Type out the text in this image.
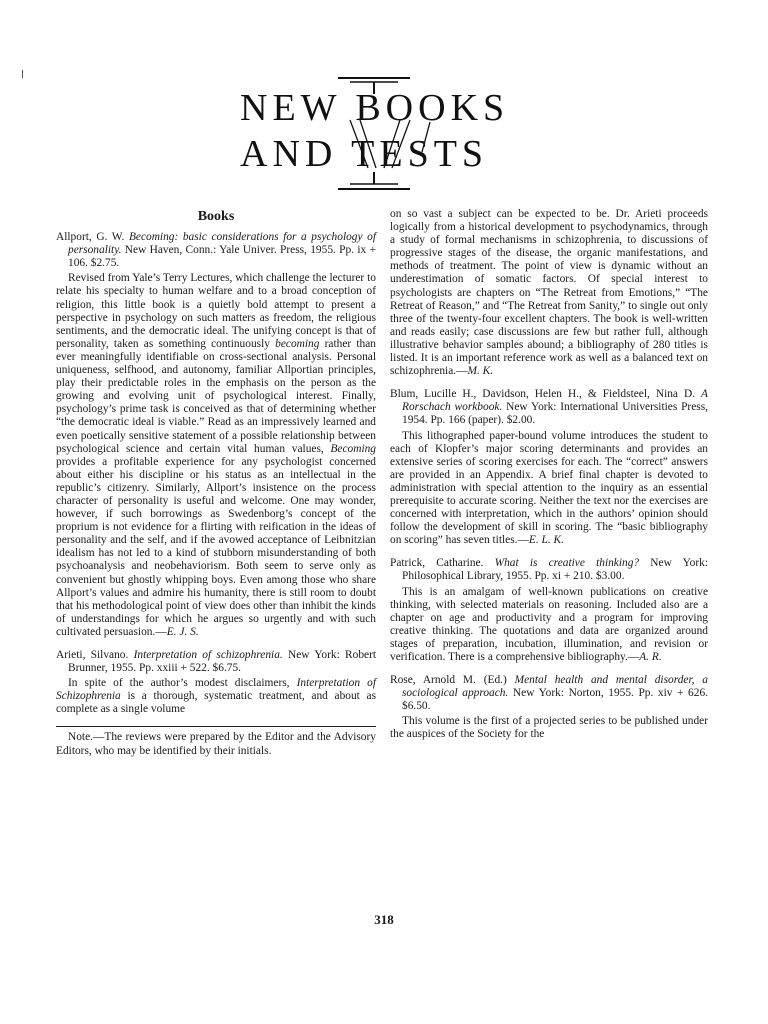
NEW BOOKS
AND TESTS
Books

Allport, G. W. Becoming: basic considerations for a psychology of personality. New Haven, Conn.: Yale Univer. Press, 1955. Pp. ix + 106. $2.75.

Revised from Yale’s Terry Lectures, which challenge the lecturer to relate his specialty to human welfare and to a broad conception of religion, this little book is a quietly bold attempt to present a perspective in psychology on such matters as freedom, the religious sentiments, and the democratic ideal. The unifying concept is that of personality, taken as something continuously becoming rather than ever meaningfully identifiable on cross-sectional analysis. Personal uniqueness, selfhood, and autonomy, familiar Allportian principles, play their predictable roles in the emphasis on the person as the growing and evolving unit of psychological interest. Finally, psychology’s prime task is conceived as that of determining whether “the democratic ideal is viable.” Read as an impressively learned and even poetically sensitive statement of a possible relationship between psychological science and certain vital human values, Becoming provides a profitable experience for any psychologist concerned about either his discipline or his status as an intellectual in the republic’s citizenry. Similarly, Allport’s insistence on the process character of personality is useful and welcome. One may wonder, however, if such borrowings as Swedenborg’s concept of the proprium is not evidence for a flirting with reification in the ideas of personality and the self, and if the avowed acceptance of Leibnitzian idealism has not led to a kind of stubborn misunderstanding of both psychoanalysis and neobehaviorism. Both seem to serve only as convenient but ghostly whipping boys. Even among those who share Allport’s values and admire his humanity, there is still room to doubt that his methodological point of view does other than inhibit the kinds of understandings for which he argues so urgently and with such cultivated persuasion.—E. J. S.

Arieti, Silvano. Interpretation of schizophrenia. New York: Robert Brunner, 1955. Pp. xxiii + 522. $6.75.

In spite of the author’s modest disclaimers, Interpretation of Schizophrenia is a thorough, systematic treatment, and about as complete as a single volume

Note.—The reviews were prepared by the Editor and the Advisory Editors, who may be identified by their initials.

on so vast a subject can be expected to be. Dr. Arieti proceeds logically from a historical development to psychodynamics, through a study of formal mechanisms in schizophrenia, to discussions of progressive stages of the disease, the organic manifestations, and methods of treatment. The point of view is dynamic without an underestimation of somatic factors. Of special interest to psychologists are chapters on “The Retreat from Emotions,” “The Retreat of Reason,” and “The Retreat from Sanity,” to single out only three of the twenty-four excellent chapters. The book is well-written and reads easily; case discussions are few but rather full, although illustrative behavior samples abound; a bibliography of 280 titles is listed. It is an important reference work as well as a balanced text on schizophrenia.—M. K.

Blum, Lucille H., Davidson, Helen H., & Fieldsteel, Nina D. A Rorschach workbook. New York: International Universities Press, 1954. Pp. 166 (paper). $2.00.

This lithographed paper-bound volume introduces the student to each of Klopfer’s major scoring determinants and provides an extensive series of scoring exercises for each. The “correct” answers are provided in an Appendix. A brief final chapter is devoted to administration with special attention to the inquiry as an essential prerequisite to accurate scoring. Neither the text nor the exercises are concerned with interpretation, which in the authors’ opinion should follow the development of skill in scoring. The “basic bibliography on scoring” has seven titles.—E. L. K.

Patrick, Catharine. What is creative thinking? New York: Philosophical Library, 1955. Pp. xi + 210. $3.00.

This is an amalgam of well-known publications on creative thinking, with selected materials on reasoning. Included also are a chapter on age and productivity and a program for improving creative thinking. The quotations and data are organized around stages of preparation, incubation, illumination, and revision or verification. There is a comprehensive bibliography.—A. R.

Rose, Arnold M. (Ed.) Mental health and mental disorder, a sociological approach. New York: Norton, 1955. Pp. xiv + 626. $6.50.

This volume is the first of a projected series to be published under the auspices of the Society for the

318
